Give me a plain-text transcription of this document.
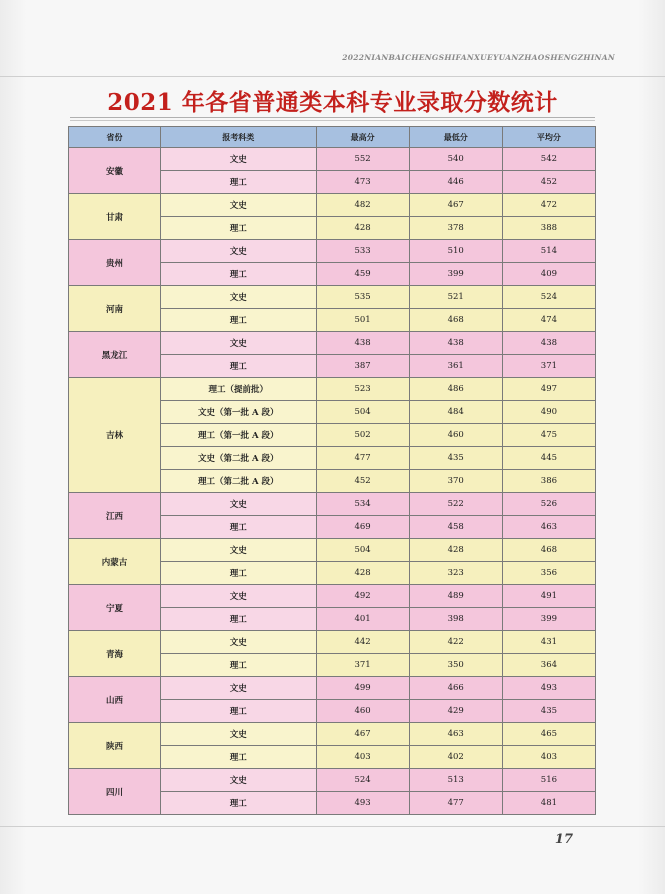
2022NIANBAICHENGSHIFANXUEYUANZHAOSHENGZHINAN
2021 年各省普通类本科专业录取分数统计
省份	报考科类	最高分	最低分	平均分
安徽	文史	552	540	542
	理工	473	446	452
甘肃	文史	482	467	472
	理工	428	378	388
贵州	文史	533	510	514
	理工	459	399	409
河南	文史	535	521	524
	理工	501	468	474
黑龙江	文史	438	438	438
	理工	387	361	371
吉林	理工（提前批）	523	486	497
	文史（第一批 A 段）	504	484	490
	理工（第一批 A 段）	502	460	475
	文史（第二批 A 段）	477	435	445
	理工（第二批 A 段）	452	370	386
江西	文史	534	522	526
	理工	469	458	463
内蒙古	文史	504	428	468
	理工	428	323	356
宁夏	文史	492	489	491
	理工	401	398	399
青海	文史	442	422	431
	理工	371	350	364
山西	文史	499	466	493
	理工	460	429	435
陕西	文史	467	463	465
	理工	403	402	403
四川	文史	524	513	516
	理工	493	477	481
17
